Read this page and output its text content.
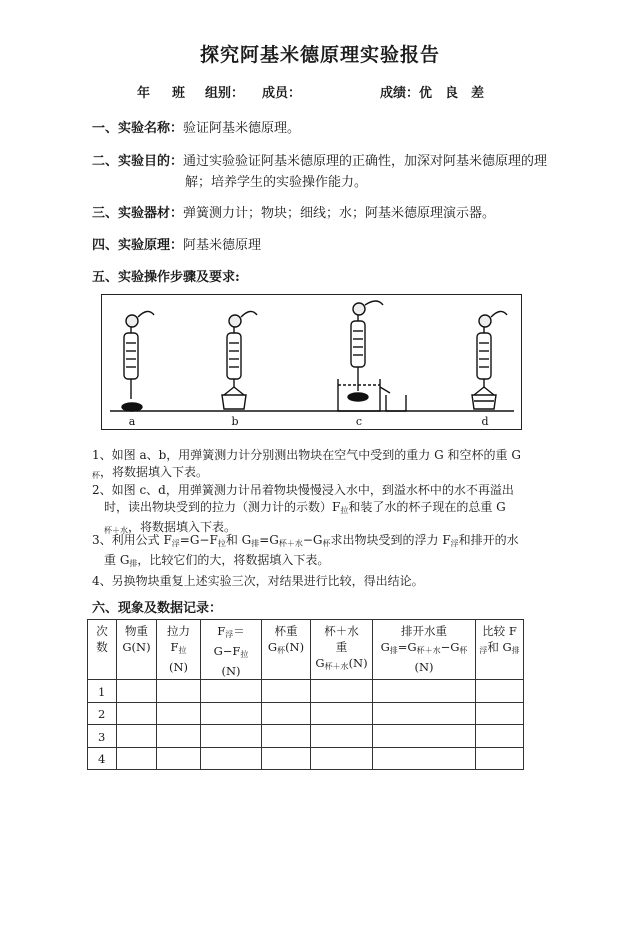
探究阿基米德原理实验报告
年 班 组别： 成员：	成绩：优　良　差
一、实验名称：验证阿基米德原理。
二、实验目的：通过实验验证阿基米德原理的正确性，加深对阿基米德原理的理
解；培养学生的实验操作能力。
三、实验器材：弹簧测力计；物块；细线；水；阿基米德原理演示器。
四、实验原理：阿基米德原理
五、实验操作步骤及要求:
a	b	c	d
1、如图 a、b，用弹簧测力计分别测出物块在空气中受到的重力 G 和空杯的重 G
$_杯$，将数据填入下表。
2、如图 c、d，用弹簧测力计吊着物块慢慢浸入水中，到溢水杯中的水不再溢出
　时，读出物块受到的拉力（测力计的示数）$F_拉$和装了水的杯子现在的总重 G
　$_{杯+水}$，将数据填入下表。
3、利用公式 $F_浮=G-F_拉$和 $G_排=G_{杯+水}-G_杯$求出物块受到的浮力 $F_浮$和排开的水
　重 $G_排$，比较它们的大，将数据填入下表。
4、另换物块重复上述实验三次，对结果进行比较，得出结论。
六、现象及数据记录：
次
数	物重
G(N)	拉力
$F_拉$
(N)	$F_浮=$
$G-F_拉$
(N)	杯重
$G_杯(N)$	杯＋水
重
$G_{杯+水}(N)$	排开水重
$G_排=G_{杯+水}-G_杯$
(N)	比较 F
$_浮$和 $G_排$
1							
2							
3							
4							
